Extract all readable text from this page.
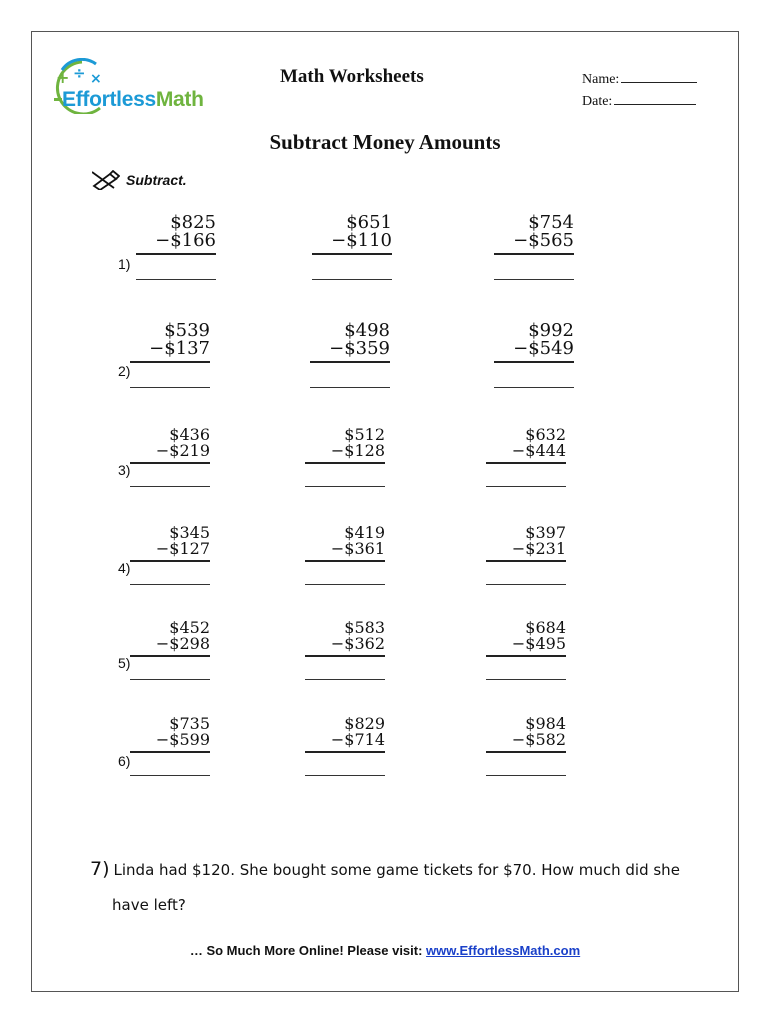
+ ÷ ×
EffortlessMath
Math Worksheets	Name:
Date:
Subtract Money Amounts
Subtract.
1)
$825
−$166
$651
−$110
$754
−$565
2)
$539
−$137
$498
−$359
$992
−$549
3)
$436
−$219
$512
−$128
$632
−$444
4)
$345
−$127
$419
−$361
$397
−$231
5)
$452
−$298
$583
−$362
$684
−$495
6)
$735
−$599
$829
−$714
$984
−$582
7) Linda had $120. She bought some game tickets for $70. How much did she
have left?
… So Much More Online! Please visit: www.EffortlessMath.com
